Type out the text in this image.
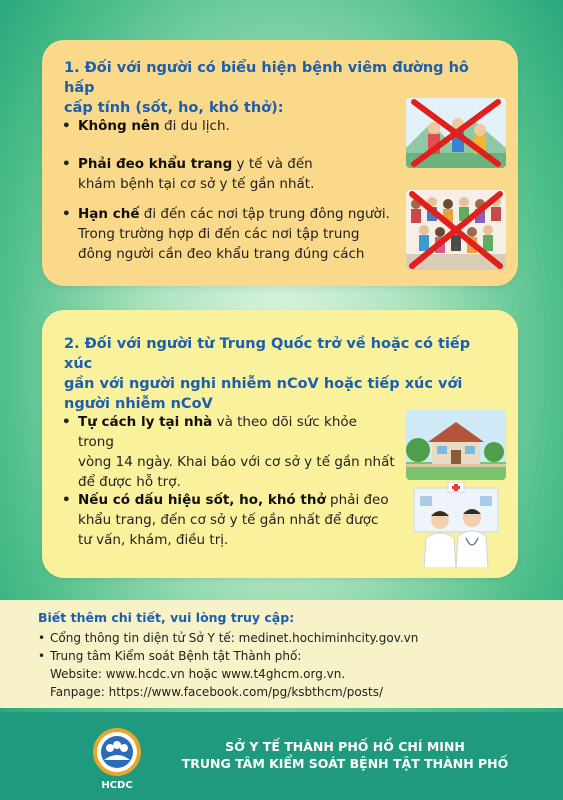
1. Đối với người có biểu hiện bệnh viêm đường hô hấp
cấp tính (sốt, ho, khó thở):

• Không nên đi du lịch.
• Phải đeo khẩu trang y tế và đến
khám bệnh tại cơ sở y tế gần nhất.
• Hạn chế đi đến các nơi tập trung đông người.
Trong trường hợp đi đến các nơi tập trung
đông người cần đeo khẩu trang đúng cách

2. Đối với người từ Trung Quốc trở về hoặc có tiếp xúc
gần với người nghi nhiễm nCoV hoặc tiếp xúc với
người nhiễm nCoV

• Tự cách ly tại nhà và theo dõi sức khỏe trong
vòng 14 ngày. Khai báo với cơ sở y tế gần nhất
để được hỗ trợ.
• Nếu có dấu hiệu sốt, ho, khó thở phải đeo
khẩu trang, đến cơ sở y tế gần nhất để được
tư vấn, khám, điều trị.
Biết thêm chi tiết, vui lòng truy cập:
• Cổng thông tin diện tử Sở Y tế: medinet.hochiminhcity.gov.vn
• Trung tâm Kiểm soát Bệnh tật Thành phố:
Website: www.hcdc.vn hoặc www.t4ghcm.org.vn.
Fanpage: https://www.facebook.com/pg/ksbthcm/posts/
HCDC
SỞ Y TẾ THÀNH PHỐ HỒ CHÍ MINH
TRUNG TÂM KIỂM SOÁT BỆNH TẬT THÀNH PHỐ
